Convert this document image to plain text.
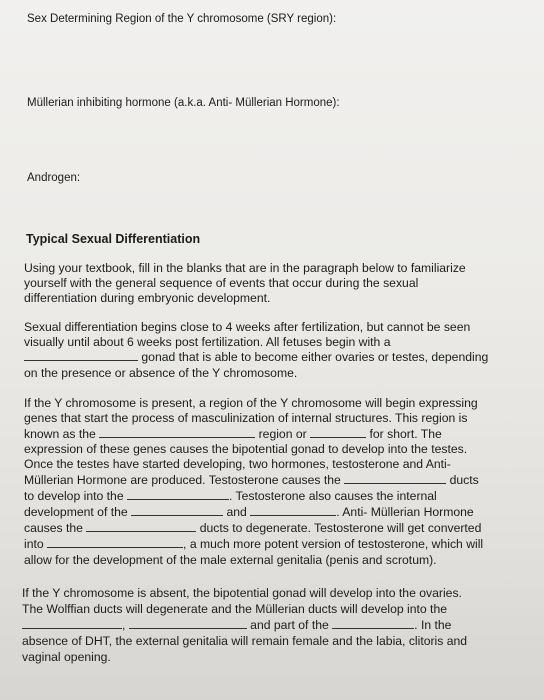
Sex Determining Region of the Y chromosome (SRY region):
Müllerian inhibiting hormone (a.k.a. Anti- Müllerian Hormone):
Androgen:
Typical Sexual Differentiation
Using your textbook, fill in the blanks that are in the paragraph below to familiarize
yourself with the general sequence of events that occur during the sexual
differentiation during embryonic development.
Sexual differentiation begins close to 4 weeks after fertilization, but cannot be seen
visually until about 6 weeks post fertilization. All fetuses begin with a
gonad that is able to become either ovaries or testes, depending
on the presence or absence of the Y chromosome.
If the Y chromosome is present, a region of the Y chromosome will begin expressing
genes that start the process of masculinization of internal structures. This region is
known as the	region or	for short. The
expression of these genes causes the bipotential gonad to develop into the testes.
Once the testes have started developing, two hormones, testosterone and Anti-
Müllerian Hormone are produced. Testosterone causes the	ducts
to develop into the	. Testosterone also causes the internal
development of the	and	. Anti- Müllerian Hormone
causes the	ducts to degenerate. Testosterone will get converted
into	, a much more potent version of testosterone, which will
allow for the development of the male external genitalia (penis and scrotum).
If the Y chromosome is absent, the bipotential gonad will develop into the ovaries.
The Wolffian ducts will degenerate and the Müllerian ducts will develop into the
,	and part of the	. In the
absence of DHT, the external genitalia will remain female and the labia, clitoris and
vaginal opening.
